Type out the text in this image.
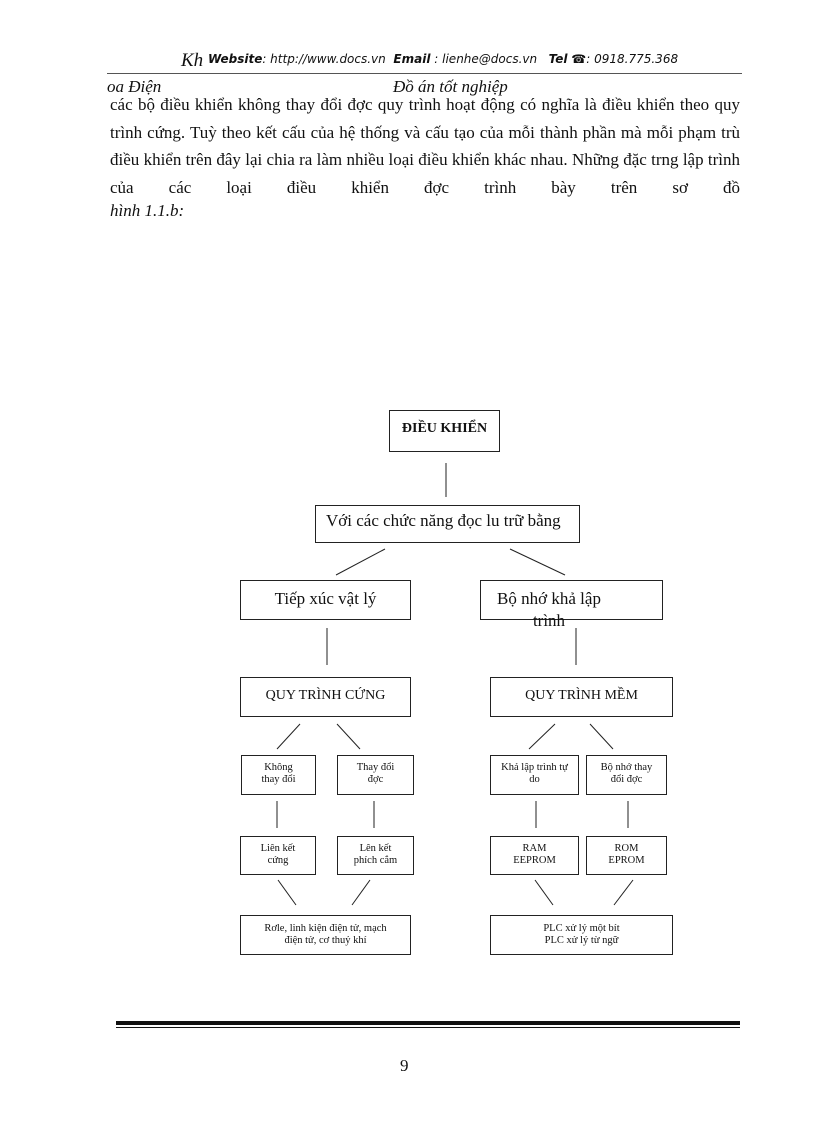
Kh Website: http://www.docs.vn Email : lienhe@docs.vn Tel ☎: 0918.775.368
oa Điện	Đồ án tốt nghiệp
các bộ điều khiển không thay đổi đợc quy trình hoạt động có nghĩa là điều khiển theo quy trình cứng. Tuỳ theo kết cấu của hệ thống và cấu tạo của mỗi thành phần mà mỗi phạm trù điều khiển trên đây lại chia ra làm nhiều loại điều khiển khác nhau. Những đặc trng lập trình của các loại điều khiển đợc trình bày trên sơ đồ
hình 1.1.b:
ĐIỀU KHIỂN
Với các chức năng đọc lu trữ bằng
Tiếp xúc vật lý	Bộ nhớ khả lập trình
QUY TRÌNH CỨNG	QUY TRÌNH MỀM
Không thay đổi
Thay đổi đợc
Khả lập trình tự do
Bộ nhớ thay đổi đợc
Liên kết cứng
Lên kết phích cắm
RAM EEPROM
ROM EPROM
Rơle, linh kiện điện tử, mạch điện tử, cơ thuỷ khí
PLC xử lý một bít PLC xử lý từ ngữ
9
